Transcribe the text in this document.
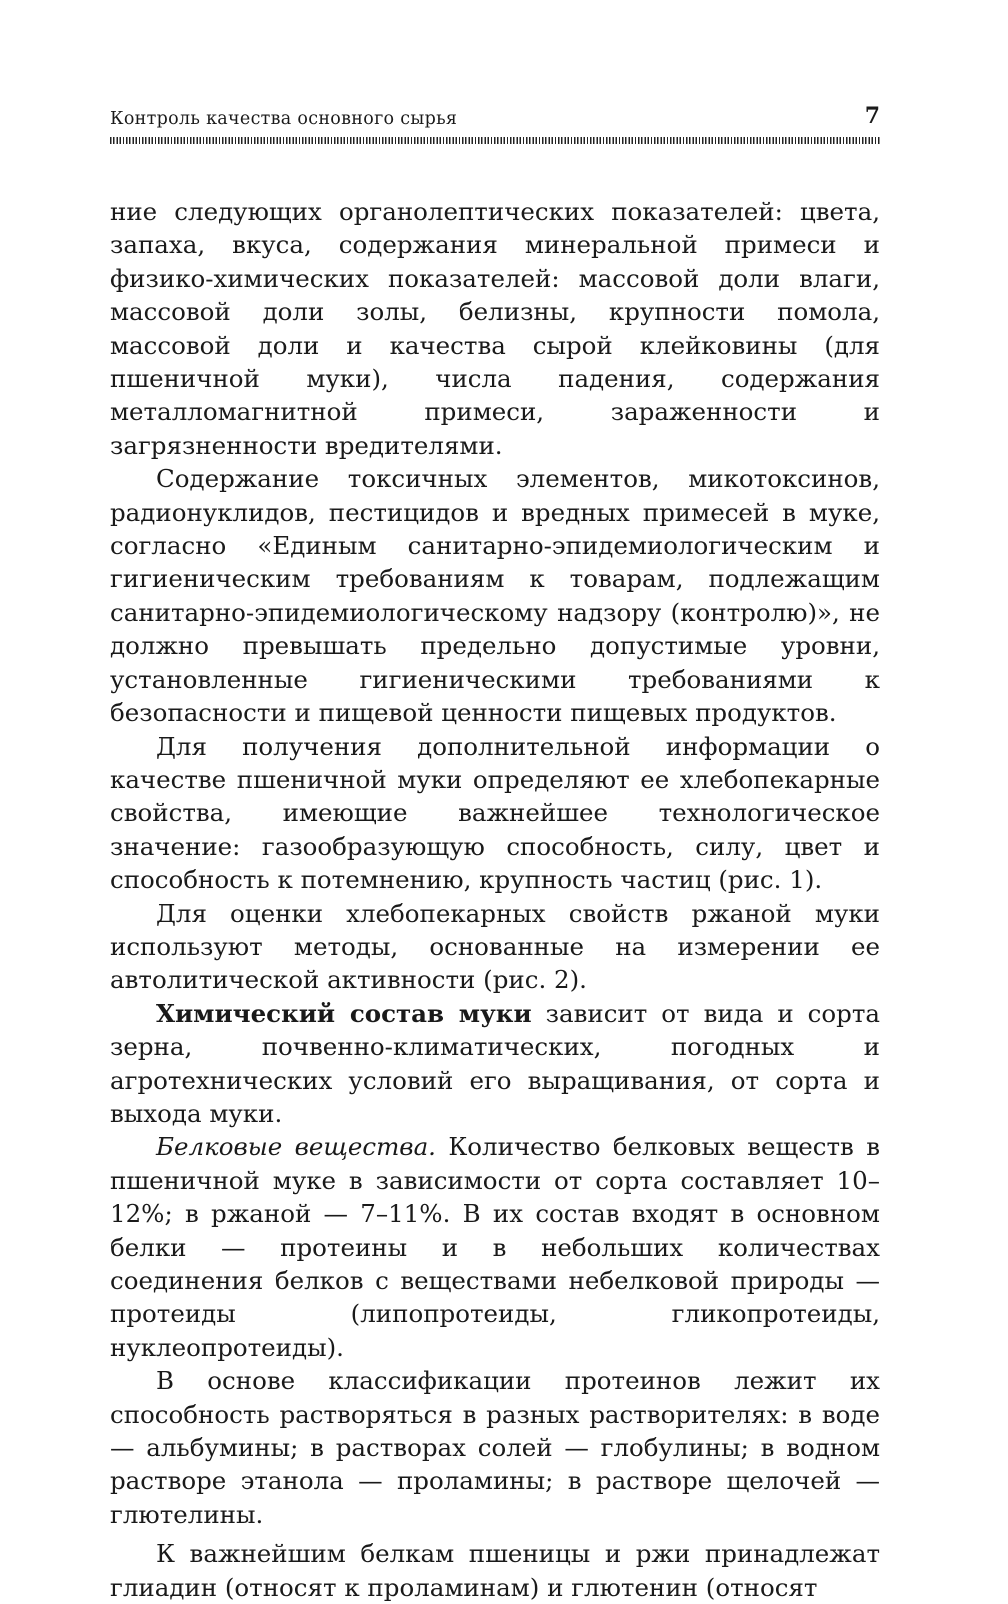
Контроль качества основного сырья	7

ние следующих органолептических показателей: цвета, запаха, вкуса, содержания минеральной примеси и физико-химических показателей: массовой доли влаги, массовой доли золы, белизны, крупности помола, массовой доли и качества сырой клейковины (для пшеничной муки), числа падения, содержания металломагнитной примеси, зараженности и загрязненности вредителями.

Содержание токсичных элементов, микотоксинов, радионуклидов, пестицидов и вредных примесей в муке, согласно «Единым санитарно-эпидемиологическим и гигиеническим требованиям к товарам, подлежащим санитарно-эпидемиологическому надзору (контролю)», не должно превышать предельно допустимые уровни, установленные гигиеническими требованиями к безопасности и пищевой ценности пищевых продуктов.

Для получения дополнительной информации о качестве пшеничной муки определяют ее хлебопекарные свойства, имеющие важнейшее технологическое значение: газообразующую способность, силу, цвет и способность к потемнению, крупность частиц (рис. 1).

Для оценки хлебопекарных свойств ржаной муки используют методы, основанные на измерении ее автолитической активности (рис. 2).

Химический состав муки зависит от вида и сорта зерна, почвенно-климатических, погодных и агротехнических условий его выращивания, от сорта и выхода муки.

Белковые вещества. Количество белковых веществ в пшеничной муке в зависимости от сорта составляет 10–12%; в ржаной — 7–11%. В их состав входят в основном белки — протеины и в небольших количествах соединения белков с веществами небелковой природы — протеиды (липопротеиды, гликопротеиды, нуклеопротеиды).

В основе классификации протеинов лежит их способность растворяться в разных растворителях: в воде — альбумины; в растворах солей — глобулины; в водном растворе этанола — проламины; в растворе щелочей — глютелины.

К важнейшим белкам пшеницы и ржи принадлежат глиадин (относят к проламинам) и глютенин (относят
